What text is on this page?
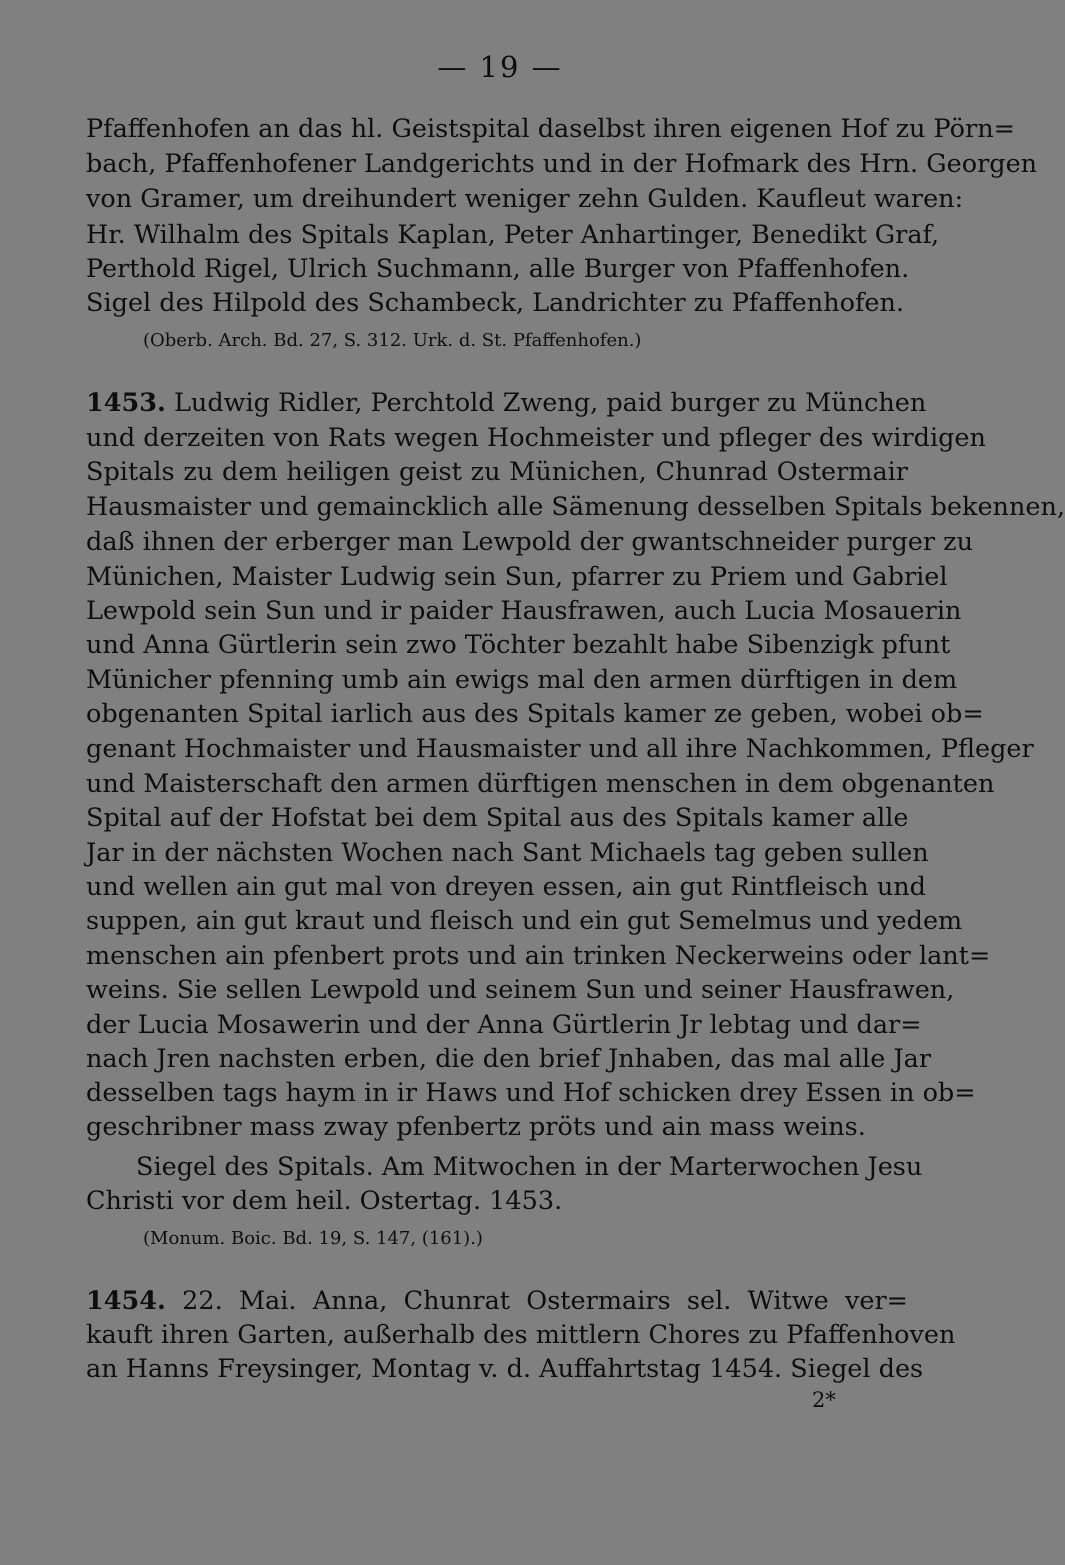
— 19 —
Pfaffenhofen an das hl. Geistspital daselbst ihren eigenen Hof zu Pörn=
bach, Pfaffenhofener Landgerichts und in der Hofmark des Hrn. Georgen
von Gramer, um dreihundert weniger zehn Gulden. Kaufleut waren:
Hr. Wilhalm des Spitals Kaplan, Peter Anhartinger, Benedikt Graf,
Perthold Rigel, Ulrich Suchmann, alle Burger von Pfaffenhofen.
Sigel des Hilpold des Schambeck, Landrichter zu Pfaffenhofen.
(Oberb. Arch. Bd. 27, S. 312. Urk. d. St. Pfaffenhofen.)
1453. Ludwig Ridler, Perchtold Zweng, paid burger zu München
und derzeiten von Rats wegen Hochmeister und pfleger des wirdigen
Spitals zu dem heiligen geist zu Münichen, Chunrad Ostermair
Hausmaister und gemaincklich alle Sämenung desselben Spitals bekennen,
daß ihnen der erberger man Lewpold der gwantschneider purger zu
Münichen, Maister Ludwig sein Sun, pfarrer zu Priem und Gabriel
Lewpold sein Sun und ir paider Hausfrawen, auch Lucia Mosauerin
und Anna Gürtlerin sein zwo Töchter bezahlt habe Sibenzigk pfunt
Münicher pfenning umb ain ewigs mal den armen dürftigen in dem
obgenanten Spital iarlich aus des Spitals kamer ze geben, wobei ob=
genant Hochmaister und Hausmaister und all ihre Nachkommen, Pfleger
und Maisterschaft den armen dürftigen menschen in dem obgenanten
Spital auf der Hofstat bei dem Spital aus des Spitals kamer alle
Jar in der nächsten Wochen nach Sant Michaels tag geben sullen
und wellen ain gut mal von dreyen essen, ain gut Rintfleisch und
suppen, ain gut kraut und fleisch und ein gut Semelmus und yedem
menschen ain pfenbert prots und ain trinken Neckerweins oder lant=
weins. Sie sellen Lewpold und seinem Sun und seiner Hausfrawen,
der Lucia Mosawerin und der Anna Gürtlerin Jr lebtag und dar=
nach Jren nachsten erben, die den brief Jnhaben, das mal alle Jar
desselben tags haym in ir Haws und Hof schicken drey Essen in ob=
geschribner mass zway pfenbertz pröts und ain mass weins.
Siegel des Spitals. Am Mitwochen in der Marterwochen Jesu
Christi vor dem heil. Ostertag. 1453.
(Monum. Boic. Bd. 19, S. 147, (161).)
1454. 22. Mai. Anna, Chunrat Ostermairs sel. Witwe ver=
kauft ihren Garten, außerhalb des mittlern Chores zu Pfaffenhoven
an Hanns Freysinger, Montag v. d. Auffahrtstag 1454. Siegel des
2*
